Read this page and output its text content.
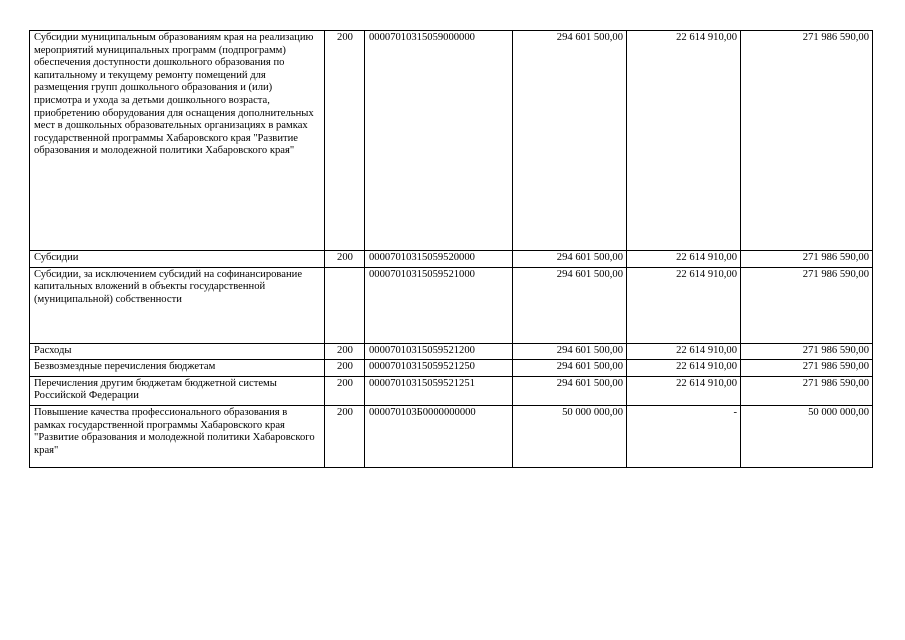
Субсидии муниципальным образованиям края на реализацию мероприятий муниципальных программ (подпрограмм) обеспечения доступности дошкольного образования по капитальному и текущему ремонту помещений для размещения групп дошкольного образования и (или) присмотра и ухода за детьми дошкольного возраста, приобретению оборудования для оснащения дополнительных мест в дошкольных образовательных организациях в рамках государственной программы Хабаровского края "Развитие образования и молодежной политики Хабаровского края"	200	00007010315059000000	294 601 500,00	22 614 910,00	271 986 590,00
Субсидии	200	00007010315059520000	294 601 500,00	22 614 910,00	271 986 590,00
Субсидии, за исключением субсидий на софинансирование капитальных вложений в объекты государственной (муниципальной) собственности		00007010315059521000	294 601 500,00	22 614 910,00	271 986 590,00
Расходы	200	00007010315059521200	294 601 500,00	22 614 910,00	271 986 590,00
Безвозмездные перечисления бюджетам	200	00007010315059521250	294 601 500,00	22 614 910,00	271 986 590,00
Перечисления другим бюджетам бюджетной системы Российской Федерации	200	00007010315059521251	294 601 500,00	22 614 910,00	271 986 590,00
Повышение качества профессионального образования в рамках государственной программы Хабаровского края "Развитие образования и молодежной политики Хабаровского края"	200	000070103Б0000000000	50 000 000,00	-	50 000 000,00
